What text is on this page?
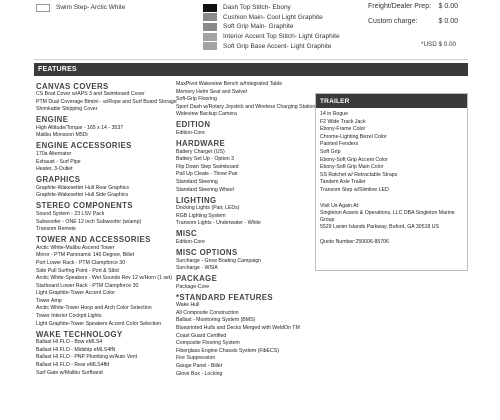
Swim Step- Arctic White	Dash Top Stitch- Ebony
Cushion Main- Cool Light Graphite
Soft Grip Main- Graphite
Interior Accent Top Stitch- Light Graphite
Soft Grip Base Accent- Light Graphite
Freight/Dealer Prep:	$ 0.00
Custom charge:	$ 0.00
*USD $ 0.00
FEATURES
CANVAS COVERS
CS Boat Cover w/APS 3 and Swimboard Cover
PTM Dual Coverage Bimini - w/Rope and Surf Board Storage
Shrinkable Shipping Cover
ENGINE
High Altitude/Torque - 165 x 14 - 3537
Malibu Monsoon M5Di
ENGINE ACCESSORIES
170a Alternator
Exhaust - Surf Pipe
Heater, 3-Outlet
GRAPHICS
Graphite-Wakesetter Hull Rear Graphics
Graphite-Wakesetter Hull Side Graphics
STEREO COMPONENTS
Sound System - 23 LSV Pack
Subwoofer - ONE 12 inch Subwoofer (w/amp)
Transom Remote
TOWER AND ACCESSORIES
Arctic White-Malibu Ascend Tower
Mirror - PTM Panoramic 140 Degree, Billet
Port Lower Rack - PTM Clampforce 30
Side Pull Surfing Point - Port & Stbd
Arctic White-Speakers - Wet Sounds Rev 12 w/Horn (1 set)
Starboard Lower Rack - PTM Clampforce 30
Light Graphite-Tower Accent Color
Tower Amp
Arctic White-Tower Hoop and Arch Color Selection
Tower Interior Cockpit Lights
Light Graphite-Tower Speakers Accent Color Selection
WAKE TECHNOLOGY
Ballast HI FLO - Bow eMLS4
Ballast HI FLO - Midship eMLS4fN
Ballast HI FLO - PNP Plumbing w/Auto Vent
Ballast HI FLO - Rear eMLS4ffd
Surf Gate w/Malibu Surfband
MaxPivot Wakeview Bench w/Integrated Table
Memory Helm Seat and Swivel
Soft-Grip Flooring
Sport Dash w/Rotary Joystick and Wireless Charging Station
Wideview Backup Camera
EDITION
Edition-Core
HARDWARE
Battery Charger (US)
Battery Set Up - Option 3
Flip Down Step Swimboard
Pull Up Cleats - Three Pair
Standard Steering
Standard Steering Wheel
LIGHTING
Docking Lights (Pair, LEDs)
RGB Lighting System
Transom Lights - Underwater - White
MISC
Edition-Core
MISC OPTIONS
Surcharge - Grow Boating Campaign
Surcharge - WSIA
PACKAGE
Package-Core
*STANDARD FEATURES
Wake Hull
All Composite Construction
Ballast - Monitoring System (BMS)
Blueprinted Hulls and Decks Merged with WeldOn TM
Coast Guard Certified
Composite Flooring System
Fiberglass Engine Chassis System (FibECS)
Fire Suppression
Gauge Panel - Billet
Glove Box - Locking
TRAILER
14 in Rogue
F2 Wide Track Jack
Ebony-Frame Color
Chrome-Lighting Bezel Color
Painted Fenders
Soft Grip
Ebony-Soft Grip Accent Color
Ebony-Soft Grip Main Color
SS Ratchet w/ Retractable Straps
Tandem Axle Trailer
Transom Step w/Slimline LED
Visit Us Again At:
Singleton Assets & Operations, LLC DBA Singleton Marine
Group
5529 Lanier Islands Parkway, Buford, GA 30518 US
Quote Number:250606-85706
